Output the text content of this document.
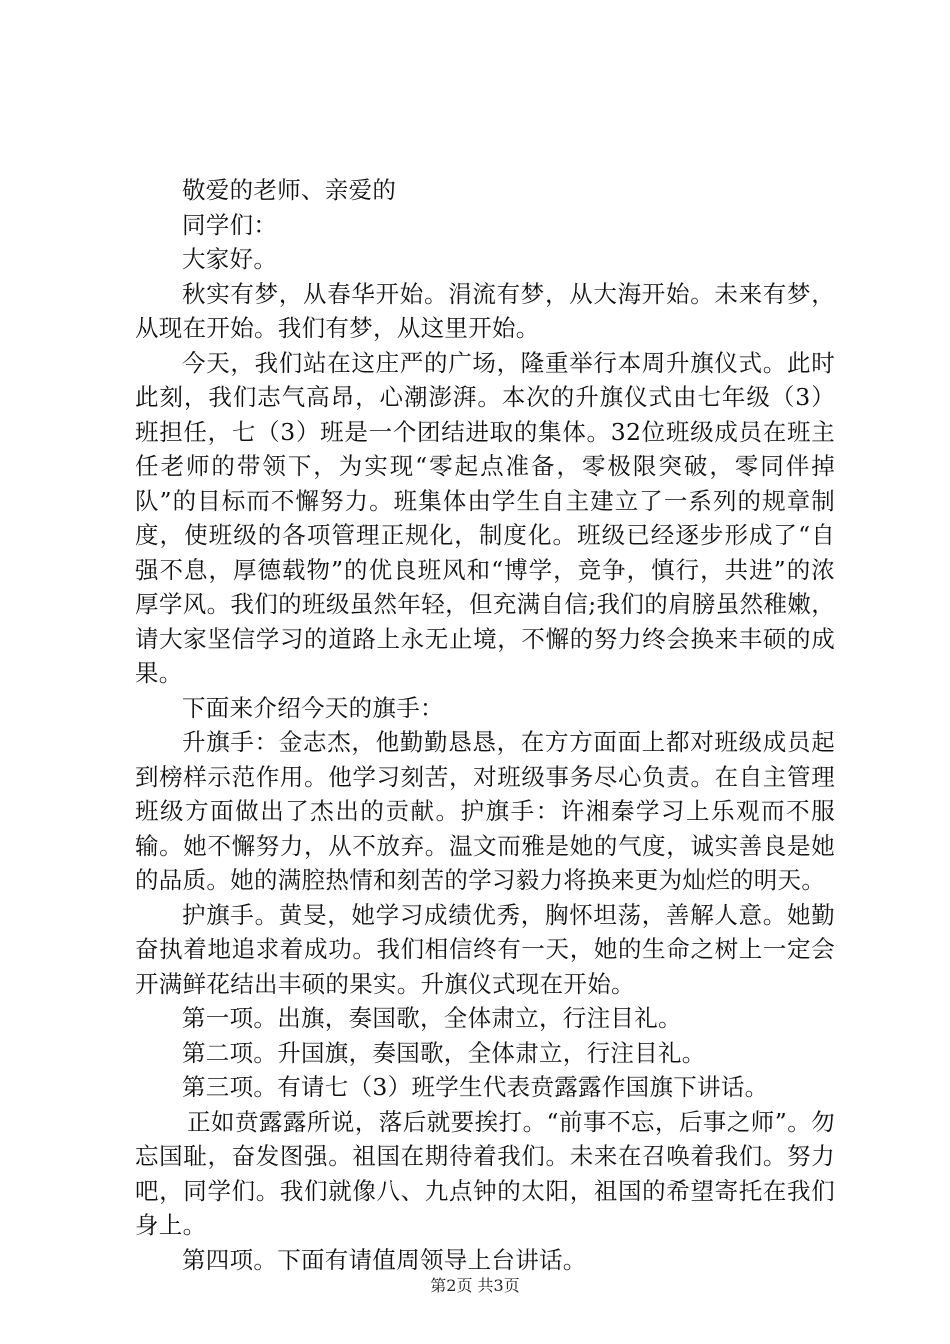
敬爱的老师、亲爱的

同学们：

大家好。

秋实有梦，从春华开始。涓流有梦，从大海开始。未来有梦，从现在开始。我们有梦，从这里开始。

今天，我们站在这庄严的广场，隆重举行本周升旗仪式。此时此刻，我们志气高昂，心潮澎湃。本次的升旗仪式由七年级（3）班担任，七（3）班是一个团结进取的集体。32位班级成员在班主任老师的带领下，为实现“零起点准备，零极限突破，零同伴掉队”的目标而不懈努力。班集体由学生自主建立了一系列的规章制度，使班级的各项管理正规化，制度化。班级已经逐步形成了“自强不息，厚德载物”的优良班风和“博学，竞争，慎行，共进”的浓厚学风。我们的班级虽然年轻，但充满自信;我们的肩膀虽然稚嫩，请大家坚信学习的道路上永无止境，不懈的努力终会换来丰硕的成果。

下面来介绍今天的旗手：

升旗手：金志杰，他勤勤恳恳，在方方面面上都对班级成员起到榜样示范作用。他学习刻苦，对班级事务尽心负责。在自主管理班级方面做出了杰出的贡献。护旗手：许湘秦学习上乐观而不服输。她不懈努力，从不放弃。温文而雅是她的气度，诚实善良是她的品质。她的满腔热情和刻苦的学习毅力将换来更为灿烂的明天。

护旗手。黄旻，她学习成绩优秀，胸怀坦荡，善解人意。她勤奋执着地追求着成功。我们相信终有一天，她的生命之树上一定会开满鲜花结出丰硕的果实。升旗仪式现在开始。

第一项。出旗，奏国歌，全体肃立，行注目礼。

第二项。升国旗，奏国歌，全体肃立，行注目礼。

第三项。有请七（3）班学生代表贲露露作国旗下讲话。

正如贲露露所说，落后就要挨打。“前事不忘，后事之师”。勿忘国耻，奋发图强。祖国在期待着我们。未来在召唤着我们。努力吧，同学们。我们就像八、九点钟的太阳，祖国的希望寄托在我们身上。

第四项。下面有请值周领导上台讲话。

第2页 共3页
